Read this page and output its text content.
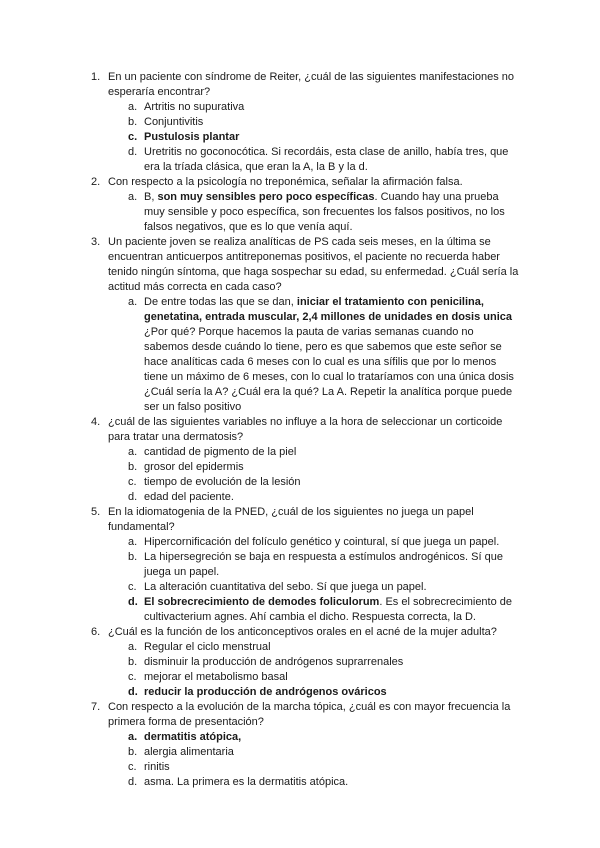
1. En un paciente con síndrome de Reiter, ¿cuál de las siguientes manifestaciones no esperaría encontrar?
a. Artritis no supurativa
b. Conjuntivitis
c. Pustulosis plantar
d. Uretritis no goconocótica. Si recordáis, esta clase de anillo, había tres, que era la tríada clásica, que eran la A, la B y la d.
2. Con respecto a la psicología no treponémica, señalar la afirmación falsa.
a. B, son muy sensibles pero poco específicas. Cuando hay una prueba muy sensible y poco específica, son frecuentes los falsos positivos, no los falsos negativos, que es lo que venía aquí.
3. Un paciente joven se realiza analíticas de PS cada seis meses, en la última se encuentran anticuerpos antitreponemas positivos, el paciente no recuerda haber tenido ningún síntoma, que haga sospechar su edad, su enfermedad. ¿Cuál sería la actitud más correcta en cada caso?
a. De entre todas las que se dan, iniciar el tratamiento con penicilina, genetatina, entrada muscular, 2,4 millones de unidades en dosis unica ¿Por qué? Porque hacemos la pauta de varias semanas cuando no sabemos desde cuándo lo tiene, pero es que sabemos que este señor se hace analíticas cada 6 meses con lo cual es una sífilis que por lo menos tiene un máximo de 6 meses, con lo cual lo trataríamos con una única dosis ¿Cuál sería la A? ¿Cuál era la qué? La A. Repetir la analítica porque puede ser un falso positivo
4. ¿cuál de las siguientes variables no influye a la hora de seleccionar un corticoide para tratar una dermatosis?
a. cantidad de pigmento de la piel
b. grosor del epidermis
c. tiempo de evolución de la lesión
d. edad del paciente.
5. En la idiomatogenia de la PNED, ¿cuál de los siguientes no juega un papel fundamental?
a. Hipercornificación del folículo genético y cointural, sí que juega un papel.
b. La hipersegreción se baja en respuesta a estímulos androgénicos. Sí que juega un papel.
c. La alteración cuantitativa del sebo. Sí que juega un papel.
d. El sobrecrecimiento de demodes foliculorum. Es el sobrecrecimiento de cultivacterium agnes. Ahí cambia el dicho. Respuesta correcta, la D.
6. ¿Cuál es la función de los anticonceptivos orales en el acné de la mujer adulta?
a. Regular el ciclo menstrual
b. disminuir la producción de andrógenos suprarrenales
c. mejorar el metabolismo basal
d. reducir la producción de andrógenos ováricos
7. Con respecto a la evolución de la marcha tópica, ¿cuál es con mayor frecuencia la primera forma de presentación?
a. dermatitis atópica,
b. alergia alimentaria
c. rinitis
d. asma. La primera es la dermatitis atópica.
